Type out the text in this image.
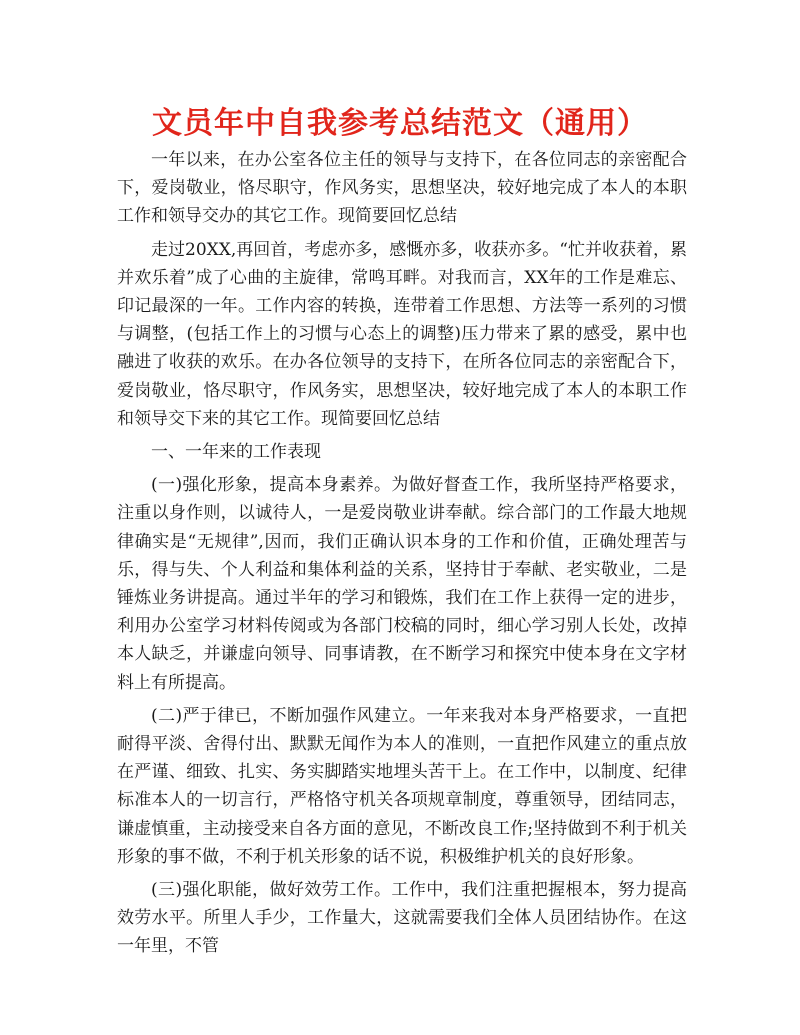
文员年中自我参考总结范文（通用）

一年以来，在办公室各位主任的领导与支持下，在各位同志的亲密配合下，爱岗敬业，恪尽职守，作风务实，思想坚决，较好地完成了本人的本职工作和领导交办的其它工作。现简要回忆总结

走过20XX,再回首，考虑亦多，感慨亦多，收获亦多。“忙并收获着，累并欢乐着”成了心曲的主旋律，常鸣耳畔。对我而言，XX年的工作是难忘、印记最深的一年。工作内容的转换，连带着工作思想、方法等一系列的习惯与调整，(包括工作上的习惯与心态上的调整)压力带来了累的感受，累中也融进了收获的欢乐。在办各位领导的支持下，在所各位同志的亲密配合下，爱岗敬业，恪尽职守，作风务实，思想坚决，较好地完成了本人的本职工作和领导交下来的其它工作。现简要回忆总结

一、一年来的工作表现

(一)强化形象，提高本身素养。为做好督查工作，我所坚持严格要求，注重以身作则，以诚待人，一是爱岗敬业讲奉献。综合部门的工作最大地规律确实是“无规律”,因而，我们正确认识本身的工作和价值，正确处理苦与乐，得与失、个人利益和集体利益的关系，坚持甘于奉献、老实敬业，二是锤炼业务讲提高。通过半年的学习和锻炼，我们在工作上获得一定的进步，利用办公室学习材料传阅或为各部门校稿的同时，细心学习别人长处，改掉本人缺乏，并谦虚向领导、同事请教，在不断学习和探究中使本身在文字材料上有所提高。

(二)严于律已，不断加强作风建立。一年来我对本身严格要求，一直把耐得平淡、舍得付出、默默无闻作为本人的准则，一直把作风建立的重点放在严谨、细致、扎实、务实脚踏实地埋头苦干上。在工作中，以制度、纪律标准本人的一切言行，严格恪守机关各项规章制度，尊重领导，团结同志，谦虚慎重，主动接受来自各方面的意见，不断改良工作;坚持做到不利于机关形象的事不做，不利于机关形象的话不说，积极维护机关的良好形象。

(三)强化职能，做好效劳工作。工作中，我们注重把握根本，努力提高效劳水平。所里人手少，工作量大，这就需要我们全体人员团结协作。在这一年里，不管
